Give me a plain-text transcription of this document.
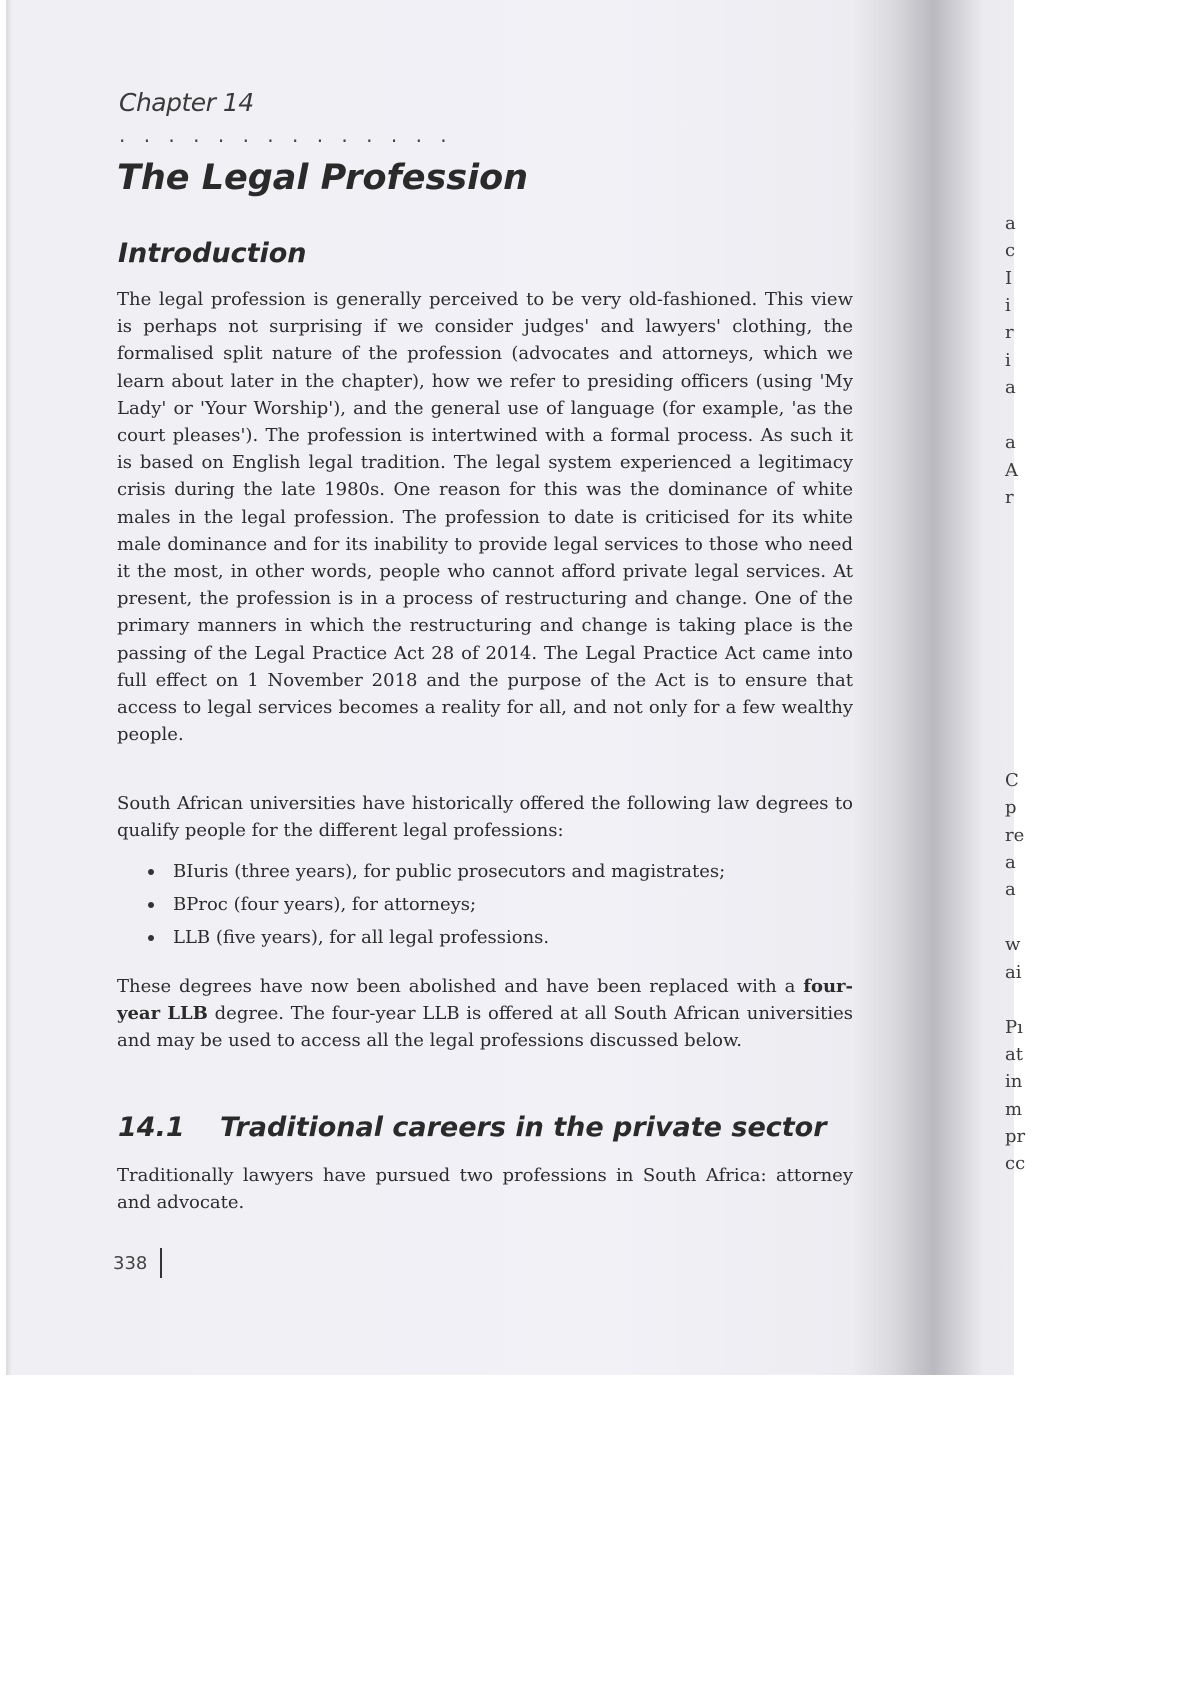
Chapter 14
. . . . . . . . . . . . . .
The Legal Profession
Introduction
The legal profession is generally perceived to be very old-fashioned. This view is perhaps not surprising if we consider judges' and lawyers' clothing, the formalised split nature of the profession (advocates and attorneys, which we learn about later in the chapter), how we refer to presiding officers (using 'My Lady' or 'Your Worship'), and the general use of language (for example, 'as the court pleases'). The profession is intertwined with a formal process. As such it is based on English legal tradition. The legal system experienced a legitimacy crisis during the late 1980s. One reason for this was the dominance of white males in the legal profession. The profession to date is criticised for its white male dominance and for its inability to provide legal services to those who need it the most, in other words, people who cannot afford private legal services. At present, the profession is in a process of restructuring and change. One of the primary manners in which the restructuring and change is taking place is the passing of the Legal Practice Act 28 of 2014. The Legal Practice Act came into full effect on 1 November 2018 and the purpose of the Act is to ensure that access to legal services becomes a reality for all, and not only for a few wealthy people.
South African universities have historically offered the following law degrees to qualify people for the different legal professions:
BIuris (three years), for public prosecutors and magistrates;
BProc (four years), for attorneys;
LLB (five years), for all legal professions.
These degrees have now been abolished and have been replaced with a four-year LLB degree. The four-year LLB is offered at all South African universities and may be used to access all the legal professions discussed below.
14.1 Traditional careers in the private sector
Traditionally lawyers have pursued two professions in South Africa: attorney and advocate.
338
a
c
I
i
r
i
a
a
A
r
C
p
re
a
a
w
ai
Pı
at
in
m
pr
cc
